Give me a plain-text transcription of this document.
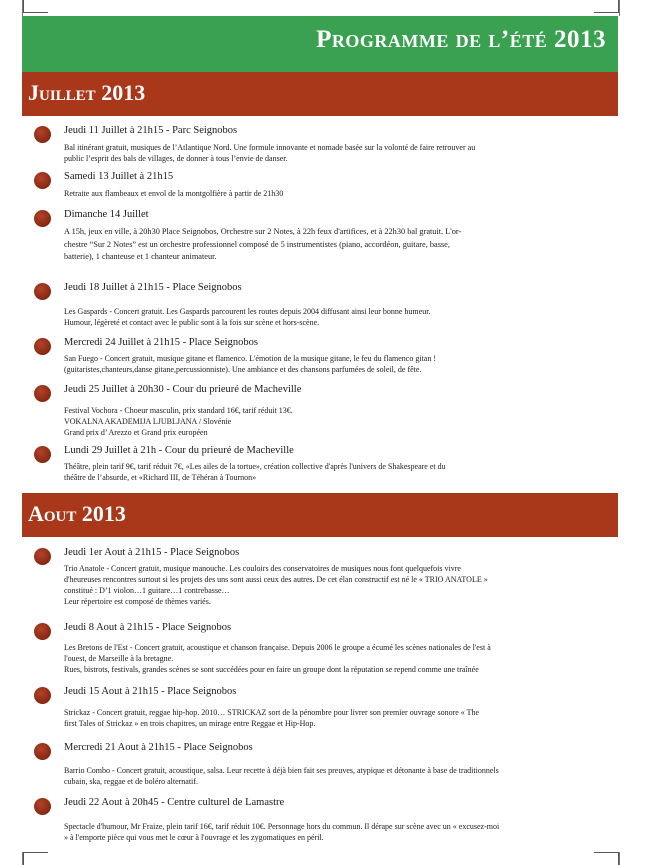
Programme de l’été 2013
Juillet 2013
Jeudi 11 Juillet à 21h15 - Parc Seignobos
Bal itinérant gratuit, musiques de l’Atlantique Nord. Une formule innovante et nomade basée sur la volonté de faire retrouver au
public l’esprit des bals de villages, de donner à tous l’envie de danser.
Samedi 13 Juillet à 21h15
Retraite aux flambeaux et envol de la montgolfière à partir de 21h30
Dimanche 14 Juillet
A 15h, jeux en ville, à 20h30 Place Seignobos, Orchestre sur 2 Notes, à 22h feux d'artifices, et à 22h30 bal gratuit. L'or-
chestre “Sur 2 Notes” est un orchestre professionnel composé de 5 instrumentistes (piano, accordéon, guitare, basse,
batterie), 1 chanteuse et 1 chanteur animateur.
Jeudi 18 Juillet à 21h15 - Place Seignobos
Les Gaspards - Concert gratuit. Les Gaspards parcourent les routes depuis 2004 diffusant ainsi leur bonne humeur.
Humour, légèreté et contact avec le public sont à la fois sur scène et hors-scène.
Mercredi 24 Juillet à 21h15 - Place Seignobos
San Fuego - Concert gratuit, musique gitane et flamenco. L'émotion de la musique gitane, le feu du flamenco gitan !
(guitaristes,chanteurs,danse gitane,percussionniste). Une ambiance et des chansons parfumées de soleil, de fête.
Jeudi 25 Juillet à 20h30 - Cour du prieuré de Macheville
Festival Vochora - Choeur masculin, prix standard 16€, tarif réduit 13€.
VOKALNA AKADEMIJA LJUBLJANA / Slovénie
Grand prix d’ Arezzo et Grand prix européen
Lundi 29 Juillet à 21h - Cour du prieuré de Macheville
Théâtre, plein tarif 9€, tarif réduit 7€, «Les ailes de la tortue», création collective d'après l'univers de Shakespeare et du
théâtre de l’absurde, et «Richard III, de Téhéran à Tournon»
Aout 2013
Jeudi 1er Aout à 21h15 - Place Seignobos
Trio Anatole - Concert gratuit, musique manouche. Les couloirs des conservatoires de musiques nous font quelquefois vivre
d'heureuses rencontres surtout si les projets des uns sont aussi ceux des autres. De cet élan constructif est né le « TRIO ANATOLE »
constitué : D’1 violon…1 guitare…1 contrebasse…
Leur répertoire est composé de thèmes variés.
Jeudi 8 Aout à 21h15 - Place Seignobos
Les Bretons de l'Est - Concert gratuit, acoustique et chanson française. Depuis 2006 le groupe a écumé les scènes nationales de l'est à
l'ouest, de Marseille à la bretagne.
Rues, bistrots, festivals, grandes scènes se sont succédées pour en faire un groupe dont la réputation se repend comme une traînée
Jeudi 15 Aout à 21h15 - Place Seignobos
Strickaz - Concert gratuit, reggae hip-hop. 2010… STRICKAZ sort de la pénombre pour livrer son premier ouvrage sonore « The
first Tales of Strickaz » en trois chapitres, un mirage entre Reggae et Hip-Hop.
Mercredi 21 Aout à 21h15 - Place Seignobos
Barrio Combo - Concert gratuit, acoustique, salsa. Leur recette à déjà bien fait ses preuves, atypique et détonante à base de traditionnels
cubain, ska, reggae et de boléro alternatif.
Jeudi 22 Aout à 20h45 - Centre culturel de Lamastre
Spectacle d'humour, Mr Fraize, plein tarif 16€, tarif réduit 10€. Personnage hors du commun. Il dérape sur scène avec un « excusez-moi
» à l'emporte pièce qui vous met le cœur à l'ouvrage et les zygomatiques en péril.
